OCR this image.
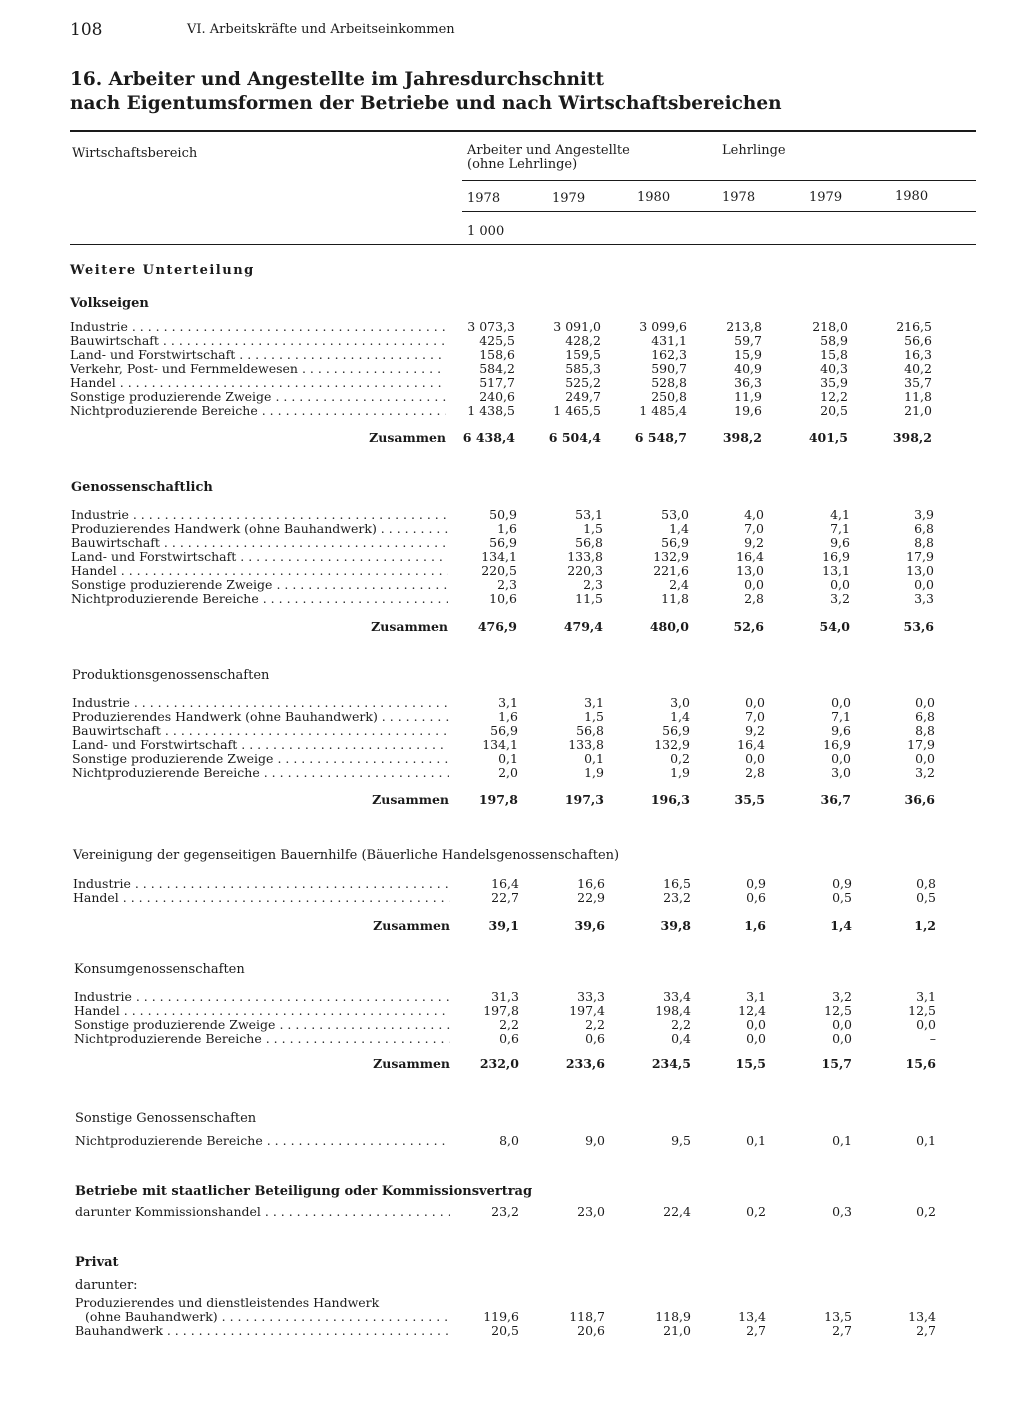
108	VI. Arbeitskräfte und Arbeitseinkommen
16. Arbeiter und Angestellte im Jahresdurchschnitt
nach Eigentumsformen der Betriebe und nach Wirtschaftsbereichen
Wirtschaftsbereich	Arbeiter und Angestellte
(ohne Lehrlinge)
Lehrlinge
1978	1979	1980	1978	1979	1980
1 000
Weitere Unterteilung
Volkseigen
Industrie . . .	3 073,3	3 091,0	3 099,6	213,8	218,0	216,5
Bauwirtschaft . . .	425,5	428,2	431,1	59,7	58,9	56,6
Land- und Forstwirtschaft . . .	158,6	159,5	162,3	15,9	15,8	16,3
Verkehr, Post- und Fernmeldewesen . . .	584,2	585,3	590,7	40,9	40,3	40,2
Handel . . .	517,7	525,2	528,8	36,3	35,9	35,7
Sonstige produzierende Zweige . . .	240,6	249,7	250,8	11,9	12,2	11,8
Nichtproduzierende Bereiche . . .	1 438,5	1 465,5	1 485,4	19,6	20,5	21,0
Zusammen	6 438,4	6 504,4	6 548,7	398,2	401,5	398,2
Genossenschaftlich
Industrie . . .	50,9	53,1	53,0	4,0	4,1	3,9
Produzierendes Handwerk (ohne Bauhandwerk) . . .	1,6	1,5	1,4	7,0	7,1	6,8
Bauwirtschaft . . .	56,9	56,8	56,9	9,2	9,6	8,8
Land- und Forstwirtschaft . . .	134,1	133,8	132,9	16,4	16,9	17,9
Handel . . .	220,5	220,3	221,6	13,0	13,1	13,0
Sonstige produzierende Zweige . . .	2,3	2,3	2,4	0,0	0,0	0,0
Nichtproduzierende Bereiche . . .	10,6	11,5	11,8	2,8	3,2	3,3
Zusammen	476,9	479,4	480,0	52,6	54,0	53,6
Produktionsgenossenschaften
Industrie . . .	3,1	3,1	3,0	0,0	0,0	0,0
Produzierendes Handwerk (ohne Bauhandwerk) . . .	1,6	1,5	1,4	7,0	7,1	6,8
Bauwirtschaft . . .	56,9	56,8	56,9	9,2	9,6	8,8
Land- und Forstwirtschaft . . .	134,1	133,8	132,9	16,4	16,9	17,9
Sonstige produzierende Zweige . . .	0,1	0,1	0,2	0,0	0,0	0,0
Nichtproduzierende Bereiche . . .	2,0	1,9	1,9	2,8	3,0	3,2
Zusammen	197,8	197,3	196,3	35,5	36,7	36,6
Vereinigung der gegenseitigen Bauernhilfe (Bäuerliche Handelsgenossenschaften)
Industrie . . .	16,4	16,6	16,5	0,9	0,9	0,8
Handel . . .	22,7	22,9	23,2	0,6	0,5	0,5
Zusammen	39,1	39,6	39,8	1,6	1,4	1,2
Konsumgenossenschaften
Industrie . . .	31,3	33,3	33,4	3,1	3,2	3,1
Handel . . .	197,8	197,4	198,4	12,4	12,5	12,5
Sonstige produzierende Zweige . . .	2,2	2,2	2,2	0,0	0,0	0,0
Nichtproduzierende Bereiche . . .	0,6	0,6	0,4	0,0	0,0	–
Zusammen	232,0	233,6	234,5	15,5	15,7	15,6
Sonstige Genossenschaften
Nichtproduzierende Bereiche . . .	8,0	9,0	9,5	0,1	0,1	0,1
Betriebe mit staatlicher Beteiligung oder Kommissionsvertrag
darunter Kommissionshandel . . .	23,2	23,0	22,4	0,2	0,3	0,2
Privat
darunter:
Produzierendes und dienstleistendes Handwerk
(ohne Bauhandwerk) . . .	119,6	118,7	118,9	13,4	13,5	13,4
Bauhandwerk . . .	20,5	20,6	21,0	2,7	2,7	2,7
